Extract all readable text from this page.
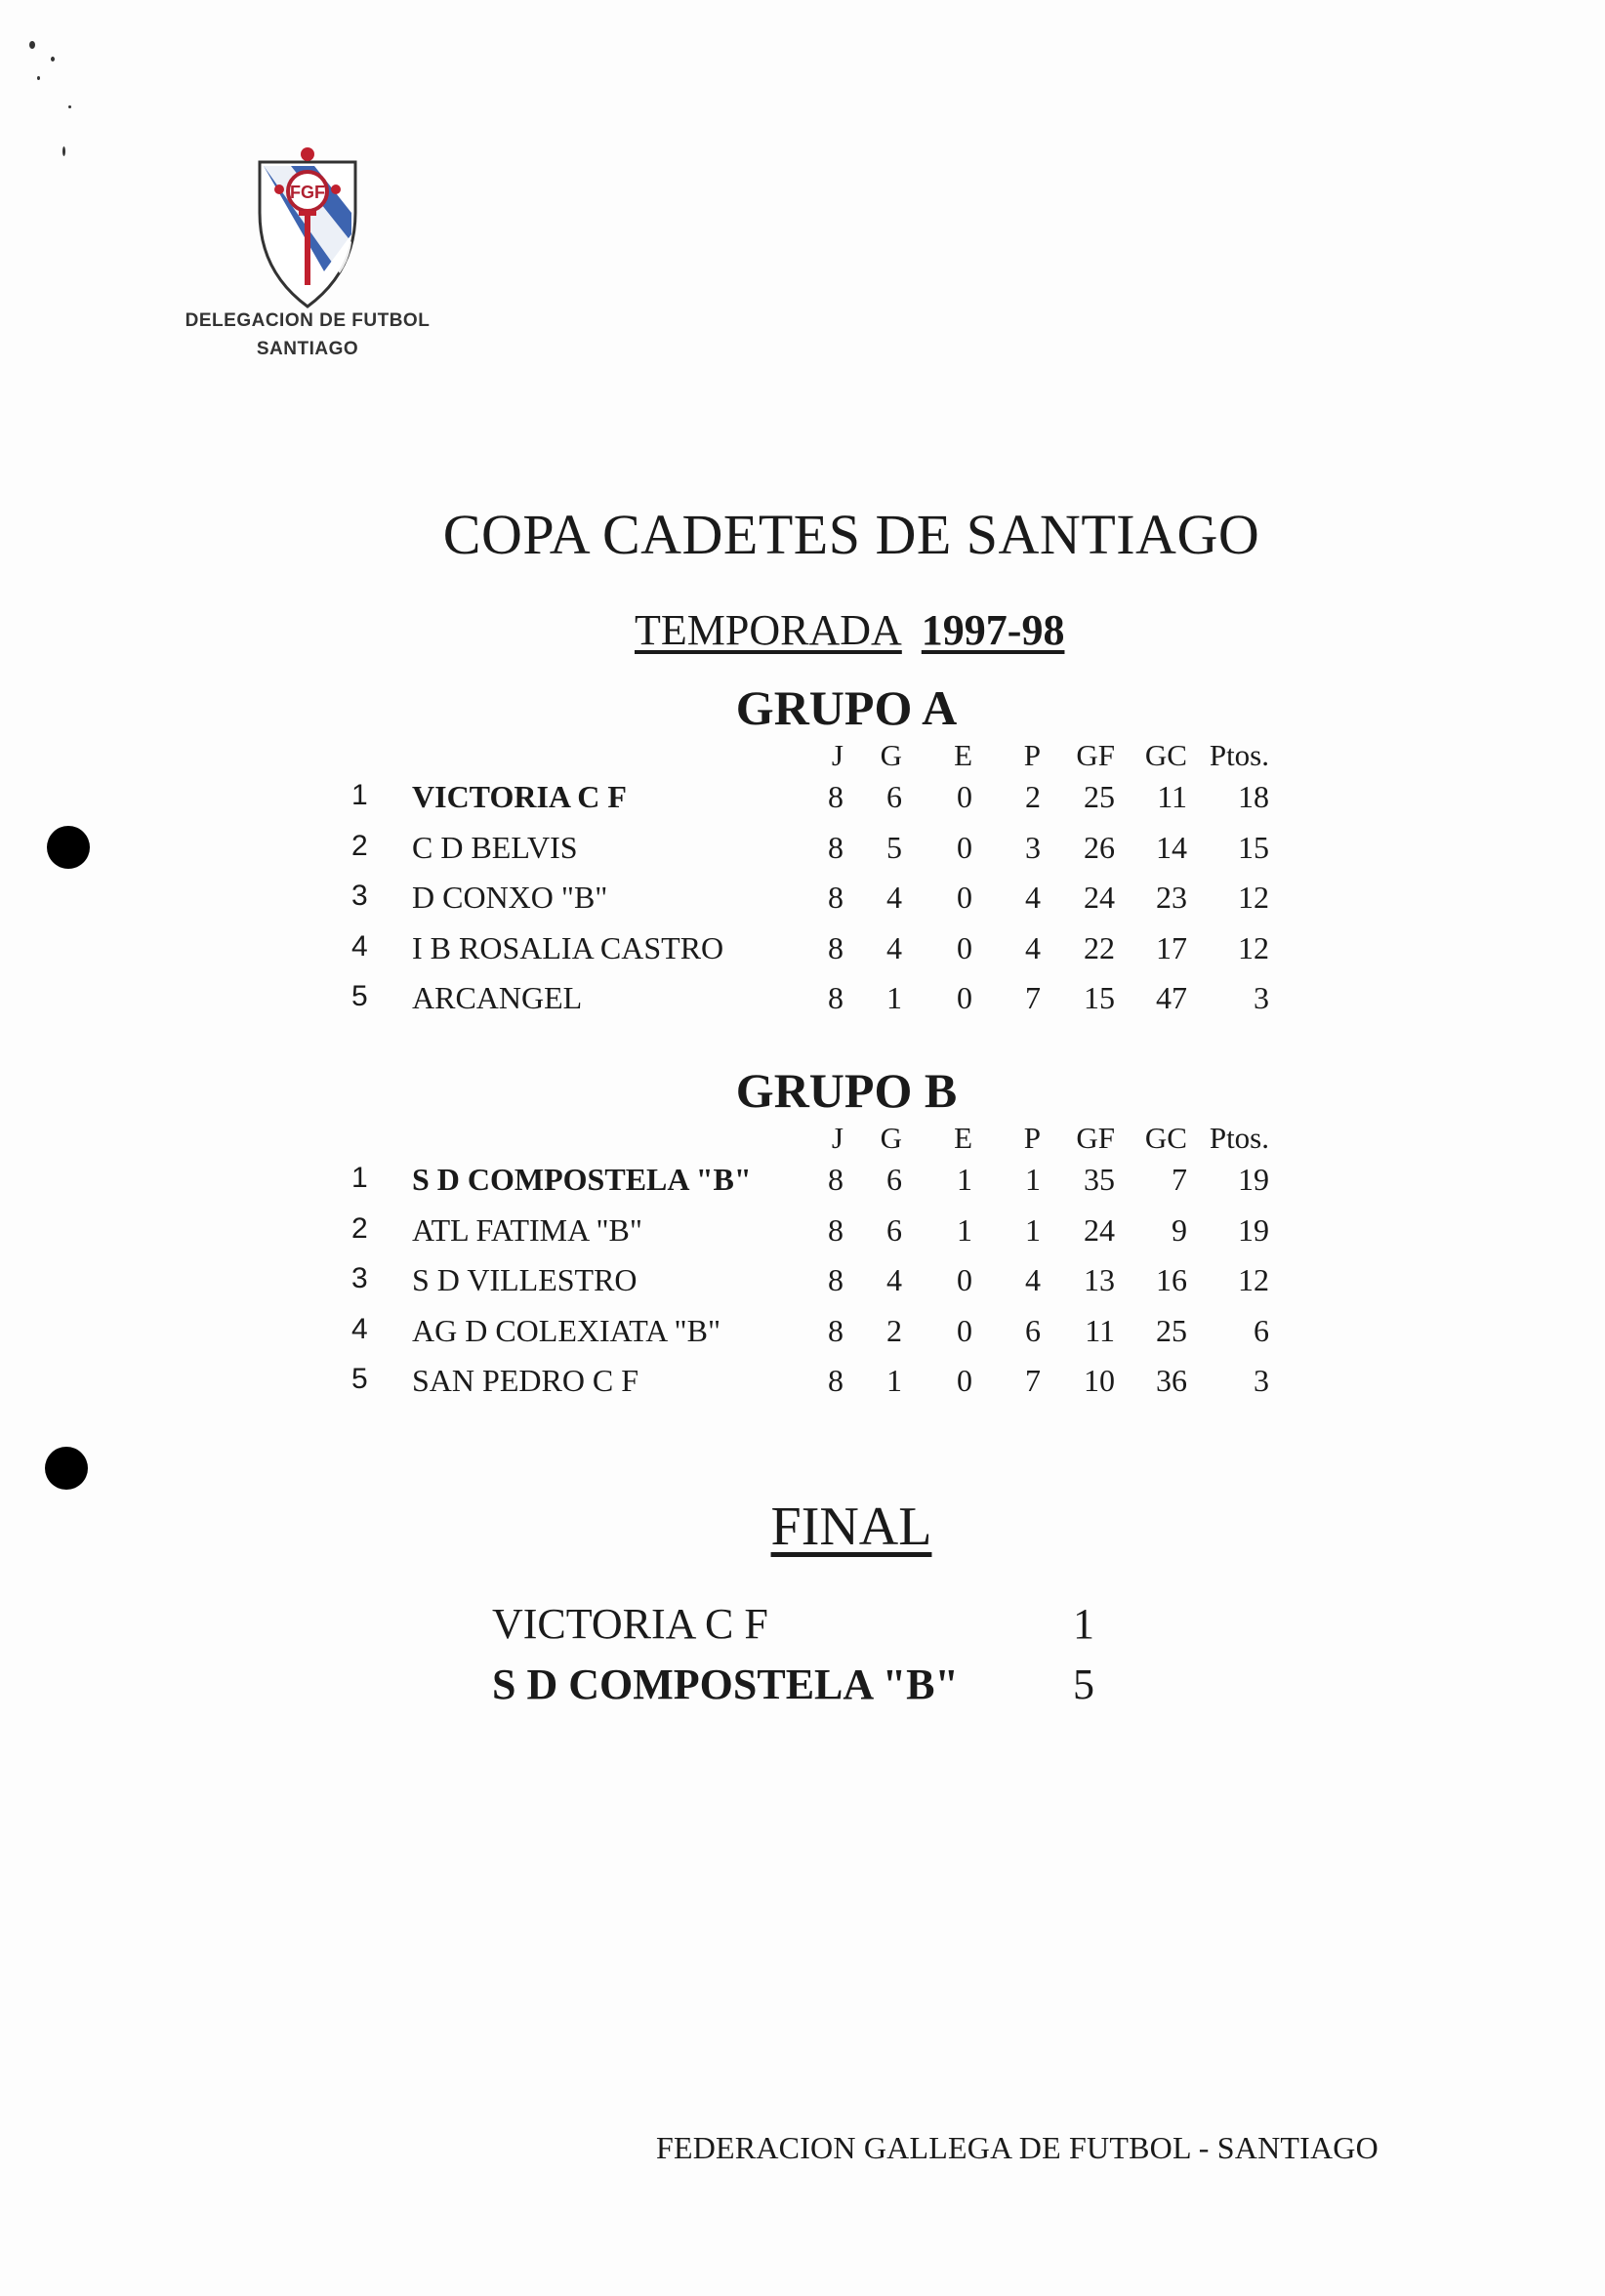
FGF
DELEGACION DE FUTBOL
SANTIAGO
COPA CADETES DE SANTIAGO
TEMPORADA 1997-98
GRUPO A
J	G	E	P	GF GC Ptos.
1 VICTORIA C F	8	6	0	2	25	11	18
2 C D BELVIS	8	5	0	3	26	14	15
3 D CONXO "B"	8	4	0	4	24	23	12
4 I B ROSALIA CASTRO	8	4	0	4	22	17	12
5 ARCANGEL	8	1	0	7	15	47	3
GRUPO B
J	G	E	P	GF GC Ptos.
1 S D COMPOSTELA "B"	8	6	1	1	35	7	19
2 ATL FATIMA "B"	8	6	1	1	24	9	19
3 S D VILLESTRO	8	4	0	4	13	16	12
4 AG D COLEXIATA "B"	8	2	0	6	11	25	6
5 SAN PEDRO C F	8	1	0	7	10	36	3
FINAL
VICTORIA C F	1
S D COMPOSTELA "B"	5
FEDERACION GALLEGA DE FUTBOL - SANTIAGO
